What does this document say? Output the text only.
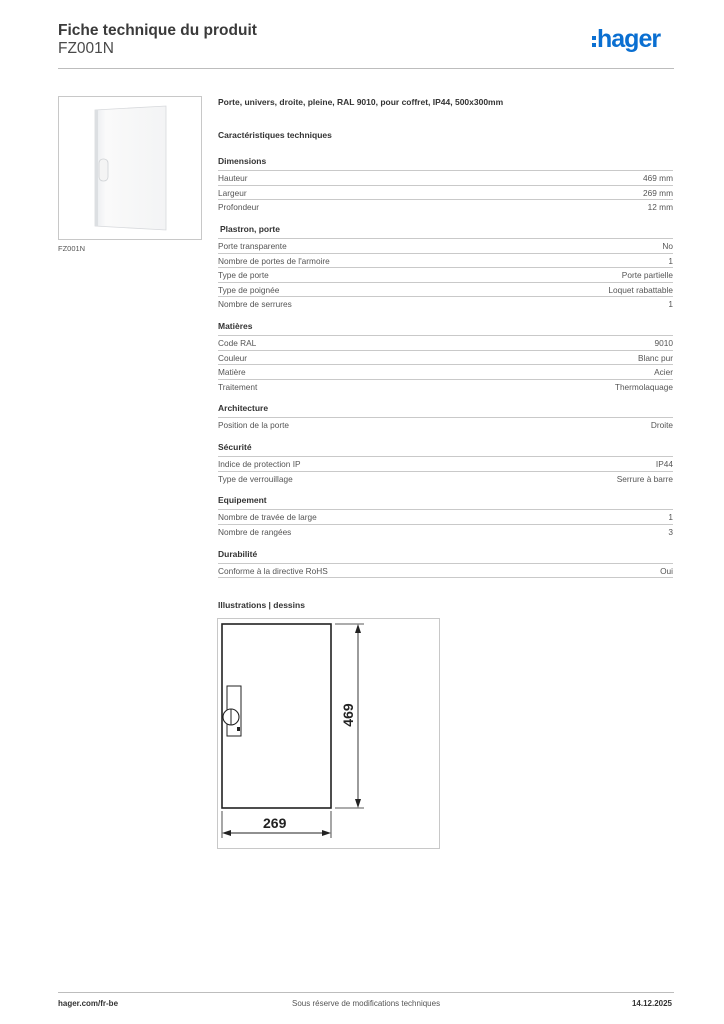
Fiche technique du produit
FZ001N	hager
FZ001N
Porte, univers, droite, pleine, RAL 9010, pour coffret, IP44, 500x300mm
Caractéristiques techniques
Dimensions
Hauteur	469 mm
Largeur	269 mm
Profondeur	12 mm
Plastron, porte
Porte transparente	No
Nombre de portes de l'armoire	1
Type de porte	Porte partielle
Type de poignée	Loquet rabattable
Nombre de serrures	1
Matières
Code RAL	9010
Couleur	Blanc pur
Matière	Acier
Traitement	Thermolaquage
Architecture
Position de la porte	Droite
Sécurité
Indice de protection IP	IP44
Type de verrouillage	Serrure à barre
Equipement
Nombre de travée de large	1
Nombre de rangées	3
Durabilité
Conforme à la directive RoHS	Oui
Illustrations | dessins
469
269
hager.com/fr-be	Sous réserve de modifications techniques	14.12.2025
